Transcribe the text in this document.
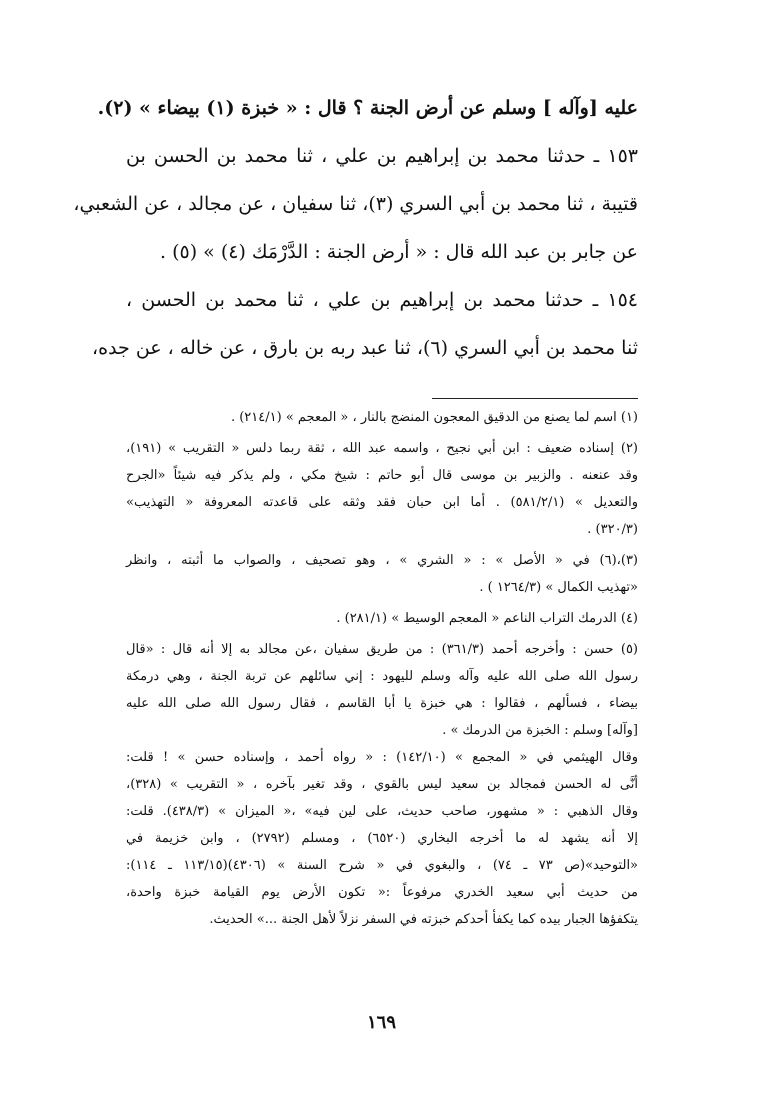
عليه [وآله ] وسلم عن أرض الجنة ؟ قال : « خبزة (١) بيضاء » (٢).
١٥٣ ـ حدثنا محمد بن إبراهيم بن علي ، ثنا محمد بن الحسن بن
قتيبة ، ثنا محمد بن أبي السري (٣)، ثنا سفيان ، عن مجالد ، عن الشعبي،
عن جابر بن عبد الله قال : « أرض الجنة : الدَّرْمَك (٤) » (٥) .
١٥٤ ـ حدثنا محمد بن إبراهيم بن علي ، ثنا محمد بن الحسن ،
ثنا محمد بن أبي السري (٦)، ثنا عبد ربه بن بارق ، عن خاله ، عن جده،
(١) اسم لما يصنع من الدقيق المعجون المنضج بالنار ، « المعجم » (٢١٤/١) .
(٢) إسناده ضعيف : ابن أبي نجيح ، واسمه عبد الله ، ثقة ربما دلس « التقريب » (١٩١)،
وقد عنعنه . والزبير بن موسى قال أبو حاتم : شيخ مكي ، ولم يذكر فيه شيئاً «الجرح
والتعديل » (٥٨١/٢/١) . أما ابن حبان فقد وثقه على قاعدته المعروفة « التهذيب»
(٣٢٠/٣) .
(٣)،(٦) في « الأصل » : « الشري » ، وهو تصحيف ، والصواب ما أثبته ، وانظر
«تهذيب الكمال » (١٢٦٤/٣ ) .
(٤) الدرمك التراب الناعم « المعجم الوسيط » (٢٨١/١) .
(٥) حسن : وأخرجه أحمد (٣٦١/٣) : من طريق سفيان ،عن مجالد به إلا أنه قال : «قال
رسول الله صلى الله عليه وآله وسلم لليهود : إني سائلهم عن تربة الجنة ، وهي درمكة
بيضاء ، فسألهم ، فقالوا : هي خبزة يا أبا القاسم ، فقال رسول الله صلى الله عليه
[وآله] وسلم : الخبزة من الدرمك » .
وقال الهيثمي في « المجمع » (١٤٢/١٠) : « رواه أحمد ، وإسناده حسن » ! قلت:
أنَّى له الحسن فمجالد بن سعيد ليس بالقوي ، وقد تغير بآخره ، « التقريب » (٣٢٨)،
وقال الذهبي : « مشهور، صاحب حديث، على لين فيه» ،« الميزان » (٤٣٨/٣). قلت:
إلا أنه يشهد له ما أخرجه البخاري (٦٥٢٠) ، ومسلم (٢٧٩٢) ، وابن خزيمة في
«التوحيد»(ص ٧٣ ـ ٧٤) ، والبغوي في « شرح السنة » (٤٣٠٦)(١١٣/١٥ ـ ١١٤):
من حديث أبي سعيد الخدري مرفوعاً :« تكون الأرض يوم القيامة خبزة واحدة،
يتكفؤها الجبار بيده كما يكفأ أحدكم خبزته في السفر نزلاً لأهل الجنة ...» الحديث.
١٦٩
